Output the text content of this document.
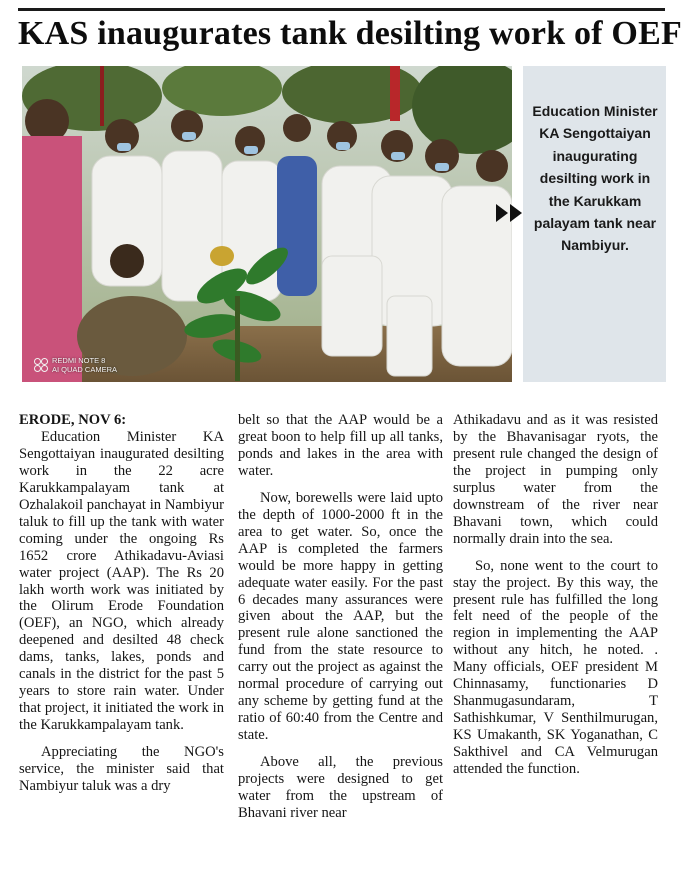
KAS inaugurates tank desilting work of OEF
REDMI NOTE 8
AI QUAD CAMERA
Education Minister KA Sengottaiyan inaugurating desilting work in the Karukkam palayam tank near Nambiyur.

ERODE, NOV 6:

Education Minister KA Sengottaiyan inaugurated desilting work in the 22 acre Karukkampalayam tank at Ozhalakoil panchayat in Nambiyur taluk to fill up the tank with water coming under the ongoing Rs 1652 crore Athikadavu-Aviasi water project (AAP). The Rs 20 lakh worth work was initiated by the Olirum Erode Foundation (OEF), an NGO, which already deepened and desilted 48 check dams, tanks, lakes, ponds and canals in the district for the past 5 years to store rain water. Under that project, it initiated the work in the Karukkampalayam tank.

Appreciating the NGO's service, the minister said that Nambiyur taluk was a dry

belt so that the AAP would be a great boon to help fill up all tanks, ponds and lakes in the area with water.

Now, borewells were laid upto the depth of 1000-2000 ft in the area to get water. So, once the AAP is completed the farmers would be more happy in getting adequate water easily. For the past 6 decades many assurances were given about the AAP, but the present rule alone sanctioned the fund from the state resource to carry out the project as against the normal procedure of carrying out any scheme by getting fund at the ratio of 60:40 from the Centre and state.

Above all, the previous projects were designed to get water from the upstream of Bhavani river near

Athikadavu and as it was resisted by the Bhavanisagar ryots, the present rule changed the design of the project in pumping only surplus water from the downstream of the river near Bhavani town, which could normally drain into the sea.

So, none went to the court to stay the project. By this way, the present rule has fulfilled the long felt need of the people of the region in implementing the AAP without any hitch, he noted. . Many officials, OEF president M Chinnasamy, functionaries D Shanmugasundaram, T Sathishkumar, V Senthilmurugan, KS Umakanth, SK Yoganathan, C Sakthivel and CA Velmurugan attended the function.
